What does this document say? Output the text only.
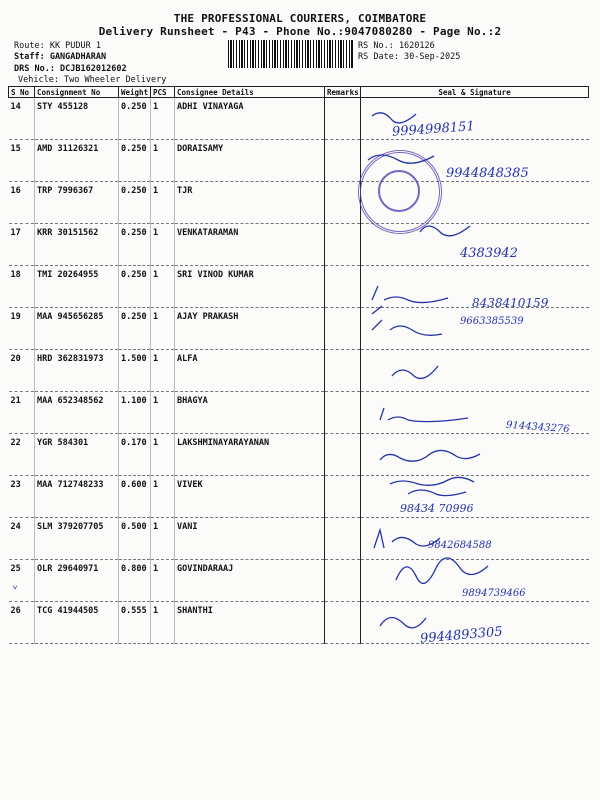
THE PROFESSIONAL COURIERS, COIMBATORE
Delivery Runsheet - P43 - Phone No.:9047080280 - Page No.:2
Route: KK PUDUR 1
Staff: GANGADHARAN
DRS No.: DCJB162012602
Vehicle: Two Wheeler Delivery
RS No.: 1620126
RS Date: 30-Sep-2025
S No	Consignment No	Weight	PCS	Consignee Details	Remarks	Seal & Signature
14	STY 455128	0.250	1	ADHI VINAYAGA		
15	AMD 31126321	0.250	1	DORAISAMY		
16	TRP 7996367	0.250	1	TJR		
17	KRR 30151562	0.250	1	VENKATARAMAN		
18	TMI 20264955	0.250	1	SRI VINOD KUMAR		
19	MAA 945656285	0.250	1	AJAY PRAKASH		
20	HRD 362831973	1.500	1	ALFA		
21	MAA 652348562	1.100	1	BHAGYA		
22	YGR 584301	0.170	1	LAKSHMINAYARAYANAN		
23	MAA 712748233	0.600	1	VIVEK		
24	SLM 379207705	0.500	1	VANI		
25	OLR 29640971	0.800	1	GOVINDARAAJ		
26	TCG 41944505	0.555	1	SHANTHI		
9994998151
9944848385
4383942
8438410159
9663385539
9144343276
98434 70996
9842684588
9894739466
9944893305
⌄
